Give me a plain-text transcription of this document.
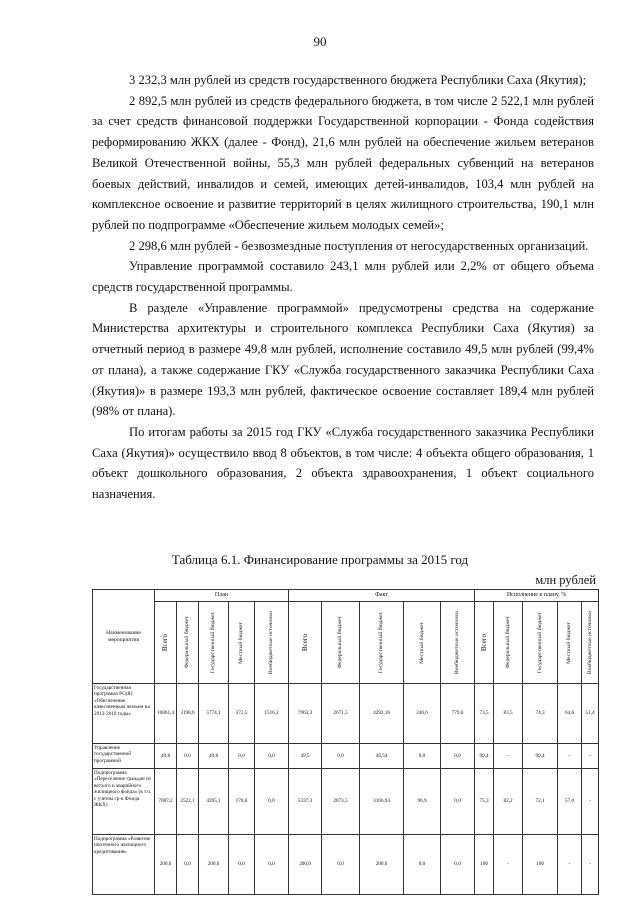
90

3 232,3 млн рублей из средств государственного бюджета Республики Саха (Якутия);

2 892,5 млн рублей из средств федерального бюджета, в том числе 2 522,1 млн рублей за счет средств финансовой поддержки Государственной корпорации - Фонда содействия реформированию ЖКХ (далее - Фонд), 21,6 млн рублей на обеспечение жильем ветеранов Великой Отечественной войны, 55,3 млн рублей федеральных субвенций на ветеранов боевых действий, инвалидов и семей, имеющих детей-инвалидов, 103,4 млн рублей на комплексное освоение и развитие территорий в целях жилищного строительства, 190,1 млн рублей по подпрограмме «Обеспечение жильем молодых семей»;

2 298,6 млн рублей - безвозмездные поступления от негосударственных организаций.

Управление программой составило 243,1 млн рублей или 2,2% от общего объема средств государственной программы.

В разделе «Управление программой» предусмотрены средства на содержание Министерства архитектуры и строительного комплекса Республики Саха (Якутия) за отчетный период в размере 49,8 млн рублей, исполнение составило 49,5 млн рублей (99,4% от плана), а также содержание ГКУ «Служба государственного заказчика Республики Саха (Якутия)» в размере 193,3 млн рублей, фактическое освоение составляет 189,4 млн рублей (98% от плана).

По итогам работы за 2015 год ГКУ «Служба государственного заказчика Республики Саха (Якутия)» осуществило ввод 8 объектов, в том числе: 4 объекта общего образования, 1 объект дошкольного образования, 2 объекта здравоохранения, 1 объект социального назначения.

Таблица 6.1. Финансирование программы за 2015 год
млн рублей
Наименование мероприятия	План					Факт					Исполнение к плану, %				

	Всего	Федеральный бюджет	Государственный бюджет	Местный бюджет	Внебюджетные источники	Всего	Федеральный бюджет	Государственный бюджет	Местный бюджет	Внебюджетные источники	Всего	Федеральный бюджет	Государственный бюджет	Местный бюджет	Внебюджетные источники

Государственная программа РС(Я) «Обеспечение качественным жильем на 2012-2019 годы»	10861,4	3198,6	5774,1	372,5	1516,2	7963,3	2671,5	4292,16	240,6	779,0	73,5	83,5	74,3	64,6	51,4
Управление государственной программой	49,8	0,0	49,8	0,0	0,0	49,5	0,0	49,54	0,0	0,0	99,4	-	99,4	-	-
Подпрограмма «Переселение граждан из ветхого и аварийного жилищного фонда» (в т.ч. с учетом ср-в Фонда ЖКХ)	7087,2	2522,1	4395,1	170,0	0,0	5337,3	2073,5	3166,94	96,9	0,0	75,3	82,2	72,1	57,0	-
Подпрограмма «Развитие ипотечного жилищного кредитования»	200,0	0,0	200,0	0,0	0,0	200,0	0,0	200,0	0,0	0,0	100	-	100	-	-
